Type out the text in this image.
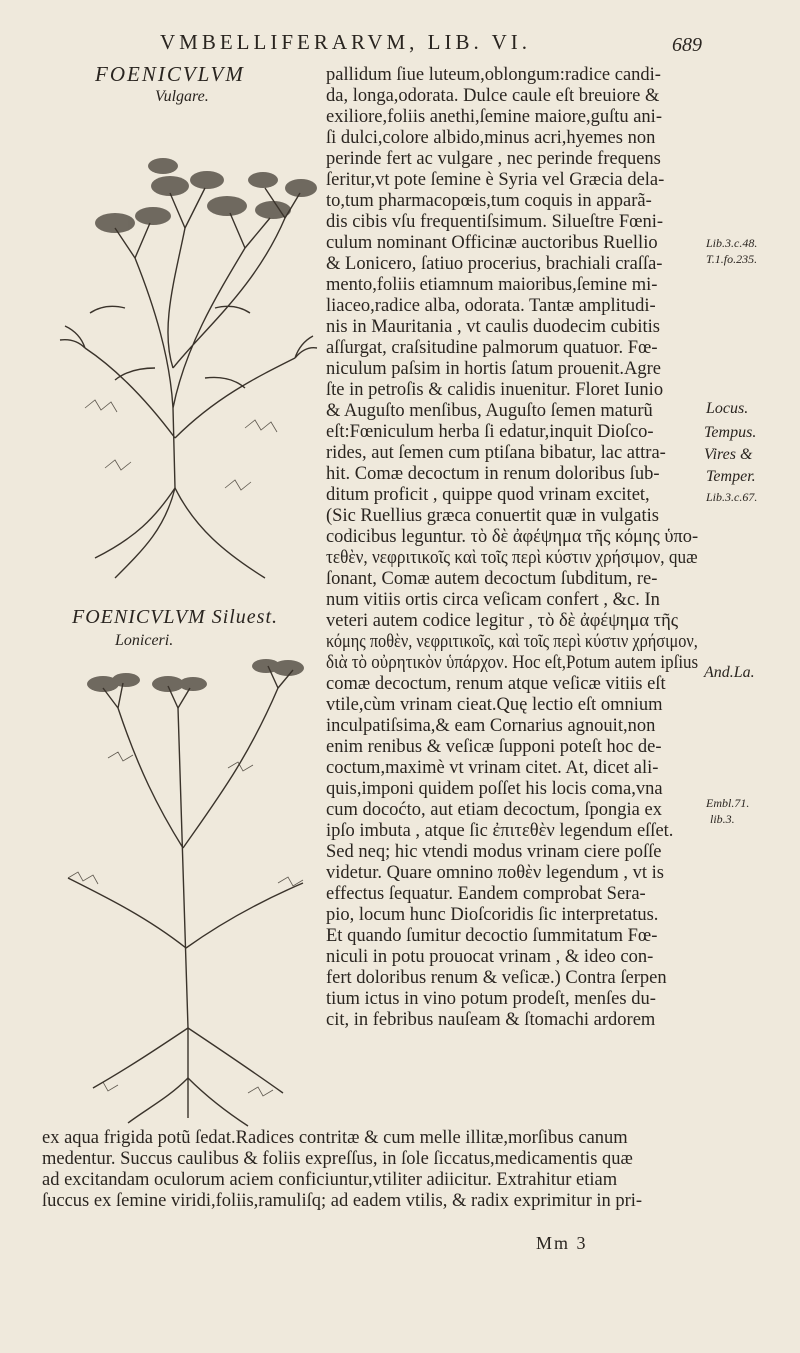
VMBELLIFERARVM, LIB. VI.	689
FOENICVLVM
Vulgare.
FOENICVLVM Siluest.
Loniceri.
pallidum ſiue luteum,oblongum:radice candi-
da, longa,odorata. Dulce caule eſt breuiore &
exiliore,foliis anethi,ſemine maiore,guſtu ani-
ſi dulci,colore albido,minus acri,hyemes non
perinde fert ac vulgare , nec perinde frequens
ſeritur,vt pote ſemine è Syria vel Græcia dela-
to,tum pharmacopœis,tum coquis in apparã-
dis cibis vſu frequentiſsimum. Silueſtre Fœni-
culum nominant Officinæ auctoribus Ruellio
& Lonicero, ſatiuo procerius, brachiali craſſa-
mento,foliis etiamnum maioribus,ſemine mi-
liaceo,radice alba, odorata. Tantæ amplitudi-
nis in Mauritania , vt caulis duodecim cubitis
aſſurgat, craſsitudine palmorum quatuor. Fœ-
niculum paſsim in hortis ſatum prouenit.Agre
ſte in petroſis & calidis inuenitur. Floret Iunio
& Auguſto menſibus, Auguſto ſemen maturũ
eſt:Fœniculum herba ſi edatur,inquit Dioſco-
rides, aut ſemen cum ptiſana bibatur, lac attra-
hit. Comæ decoctum in renum doloribus ſub-
ditum proficit , quippe quod vrinam excitet,
(Sic Ruellius græca conuertit quæ in vulgatis
codicibus leguntur. τὸ δὲ ἀφέψημα τῆς κόμης ὑπο-
τεθὲν, νεφριτικοῖς καὶ τοῖς περὶ κύστιν χρήσιμον, quæ
ſonant, Comæ autem decoctum ſubditum, re-
num vitiis ortis circa veſicam confert , &c. In
veteri autem codice legitur , τὸ δὲ ἀφέψημα τῆς
κόμης ποθὲν, νεφριτικοῖς, καὶ τοῖς περὶ κύστιν χρήσιμον,
διὰ τὸ οὐρητικὸν ὑπάρχον. Hoc eſt,Potum autem ipſius
comæ decoctum, renum atque veſicæ vitiis eſt
vtile,cùm vrinam cieat.Quę lectio eſt omnium
inculpatiſsima,& eam Cornarius agnouit,non
enim renibus & veſicæ ſupponi poteſt hoc de-
coctum,maximè vt vrinam citet. At, dicet ali-
quis,imponi quidem poſſet his locis coma,vna
cum docoćto, aut etiam decoctum, ſpongia ex
ipſo imbuta , atque ſic ἐπιτεθὲν legendum eſſet.
Sed neq; hic vtendi modus vrinam ciere poſſe
videtur. Quare omnino ποθὲν legendum , vt is
effectus ſequatur. Eandem comprobat Sera-
pio, locum hunc Dioſcoridis ſic interpretatus.
Et quando ſumitur decoctio ſummitatum Fœ-
niculi in potu prouocat vrinam , & ideo con-
fert doloribus renum & veſicæ.) Contra ſerpen
tium ictus in vino potum prodeſt, menſes du-
cit, in febribus nauſeam & ſtomachi ardorem
ex aqua frigida potũ ſedat.Radices contritæ & cum melle illitæ,morſibus canum
medentur. Succus caulibus & foliis expreſſus, in ſole ſiccatus,medicamentis quæ
ad excitandam oculorum aciem conficiuntur,vtiliter adiicitur. Extrahitur etiam
ſuccus ex ſemine viridi,foliis,ramuliſq; ad eadem vtilis, & radix exprimitur in pri-
Mm 3
Lib.3.c.48.
T.1.fo.235.
Locus.
Tempus.
Vires &
Temper.
Lib.3.c.67.
And.La.
Embl.71.
lib.3.
